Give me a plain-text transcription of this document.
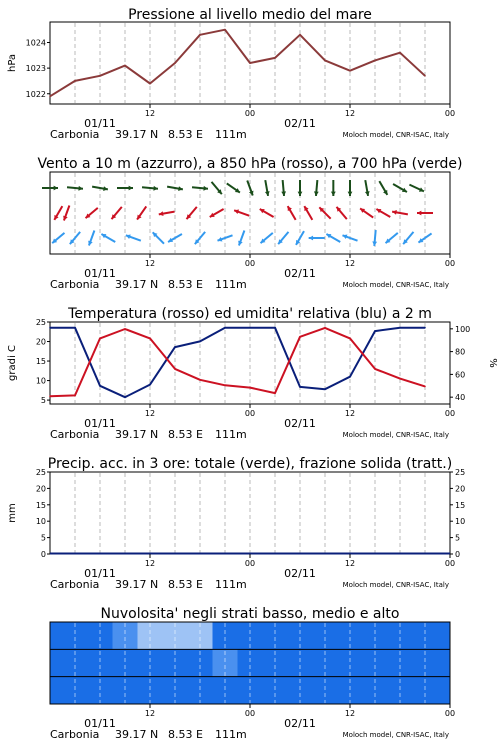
Pressione al livello medio del mare
1022
1023
1024
hPa
12	00	12	00
01/11	02/11
Carbonia 39.17 N 8.53 E 111m	Moloch model, CNR-ISAC, Italy
Vento a 10 m (azzurro), a 850 hPa (rosso), a 700 hPa (verde)
12	00	12	00
01/11	02/11
Carbonia 39.17 N 8.53 E 111m	Moloch model, CNR-ISAC, Italy
Temperatura (rosso) ed umidita' relativa (blu) a 2 m
5
10
15
20
25
40
60
80
100
gradi C	%
12	00	12	00
01/11	02/11
Carbonia 39.17 N 8.53 E 111m	Moloch model, CNR-ISAC, Italy
Precip. acc. in 3 ore: totale (verde), frazione solida (tratt.)
0	0
5	5
10	10
15	15
20	20
25	25
mm
12	00	12	00
01/11	02/11
Carbonia 39.17 N 8.53 E 111m	Moloch model, CNR-ISAC, Italy
Nuvolosita' negli strati basso, medio e alto
12	00	12	00
01/11	02/11
Carbonia 39.17 N 8.53 E 111m	Moloch model, CNR-ISAC, Italy
